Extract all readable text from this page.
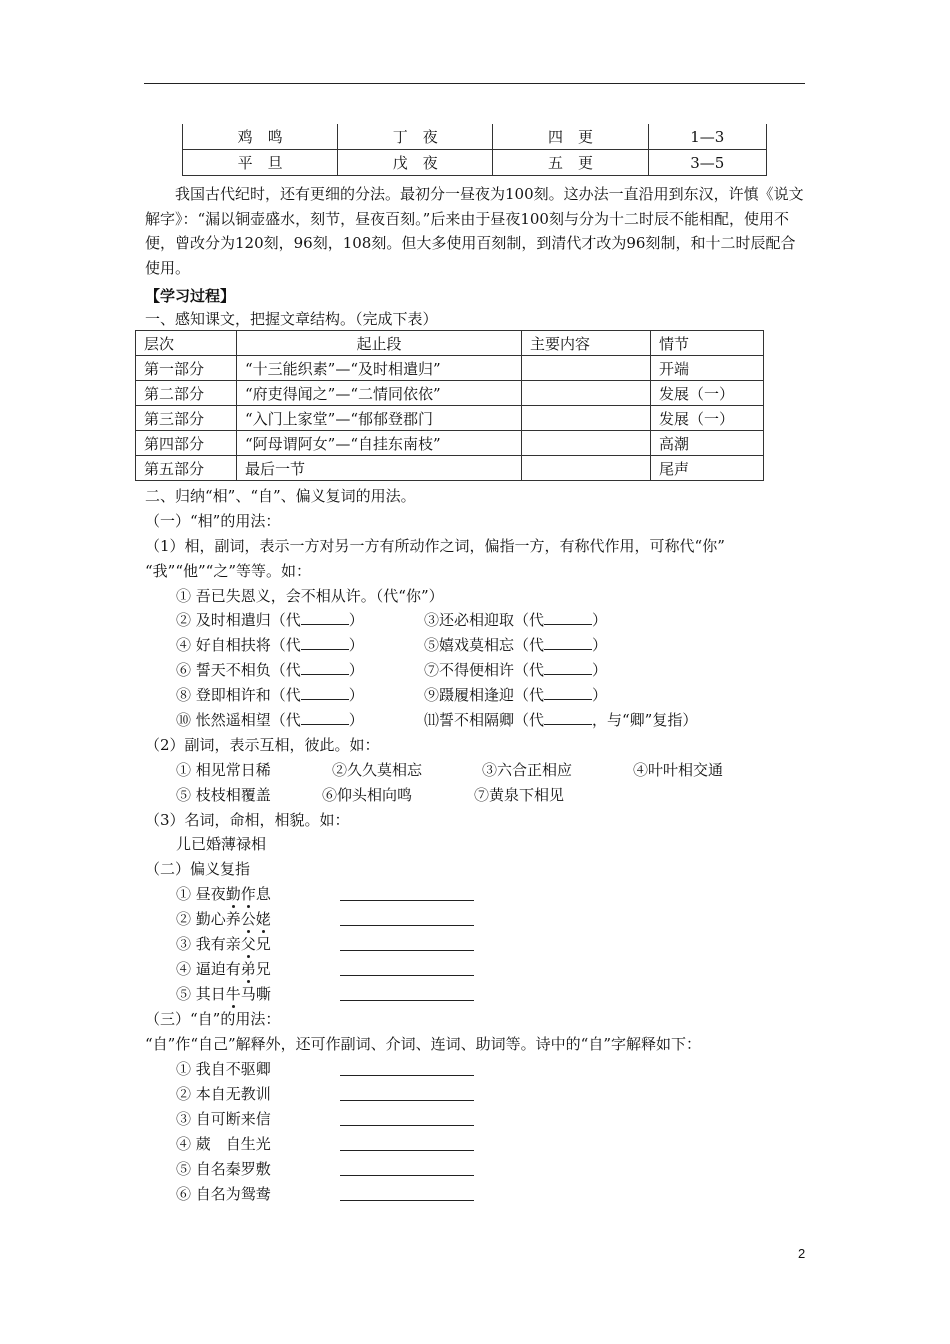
鸡　鸣	丁　夜	四　更	1—3
平　旦	戊　夜	五　更	3—5
我国古代纪时，还有更细的分法。最初分一昼夜为100刻。这办法一直沿用到东汉，许慎《说文解字》：“漏以铜壶盛水，刻节，昼夜百刻。”后来由于昼夜100刻与分为十二时辰不能相配，使用不便，曾改分为120刻，96刻，108刻。但大多使用百刻制，到清代才改为96刻制，和十二时辰配合使用。
【学习过程】
一、感知课文，把握文章结构。（完成下表）
层次	起止段	主要内容	情节
第一部分	“十三能织素”—“及时相遣归”		开端
第二部分	“府吏得闻之”—“二情同依依”		发展（一）
第三部分	“入门上家堂”—“郁郁登郡门		发展（一）
第四部分	“阿母谓阿女”—“自挂东南枝”		高潮
第五部分	最后一节		尾声
二、归纳“相”、“自”、偏义复词的用法。
（一）“相”的用法：
（1）相，副词，表示一方对另一方有所动作之词，偏指一方，有称代作用，可称代“你”
“我”“他”“之”等等。如：
① 吾已失恩义，会不相从许。（代“你”）
② 及时相遣归（代	）	③还必相迎取（代	）
④ 好自相扶将（代	）	⑤嬉戏莫相忘（代	）
⑥ 誓天不相负（代	）	⑦不得便相许（代	）
⑧ 登即相许和（代	）	⑨蹑履相逢迎（代	）
⑩ 怅然遥相望（代	）	⑾誓不相隔卿（代	，与“卿”复指）
（2）副词，表示互相，彼此。如：
① 相见常日稀	②久久莫相忘	③六合正相应	④叶叶相交通
⑤ 枝枝相覆盖	⑥仰头相向鸣	⑦黄泉下相见
（3）名词，命相，相貌。如：
儿已婚薄禄相
（二）偏义复指
① 昼夜勤作息
② 勤心养公姥
③ 我有亲父兄
④ 逼迫有弟兄
⑤ 其日牛马嘶
（三）“自”的用法：
“自”作“自己”解释外，还可作副词、介词、连词、助词等。诗中的“自”字解释如下：
① 我自不驱卿
② 本自无教训
③ 自可断来信
④ 葳　自生光
⑤ 自名秦罗敷
⑥ 自名为鸳鸯
2
